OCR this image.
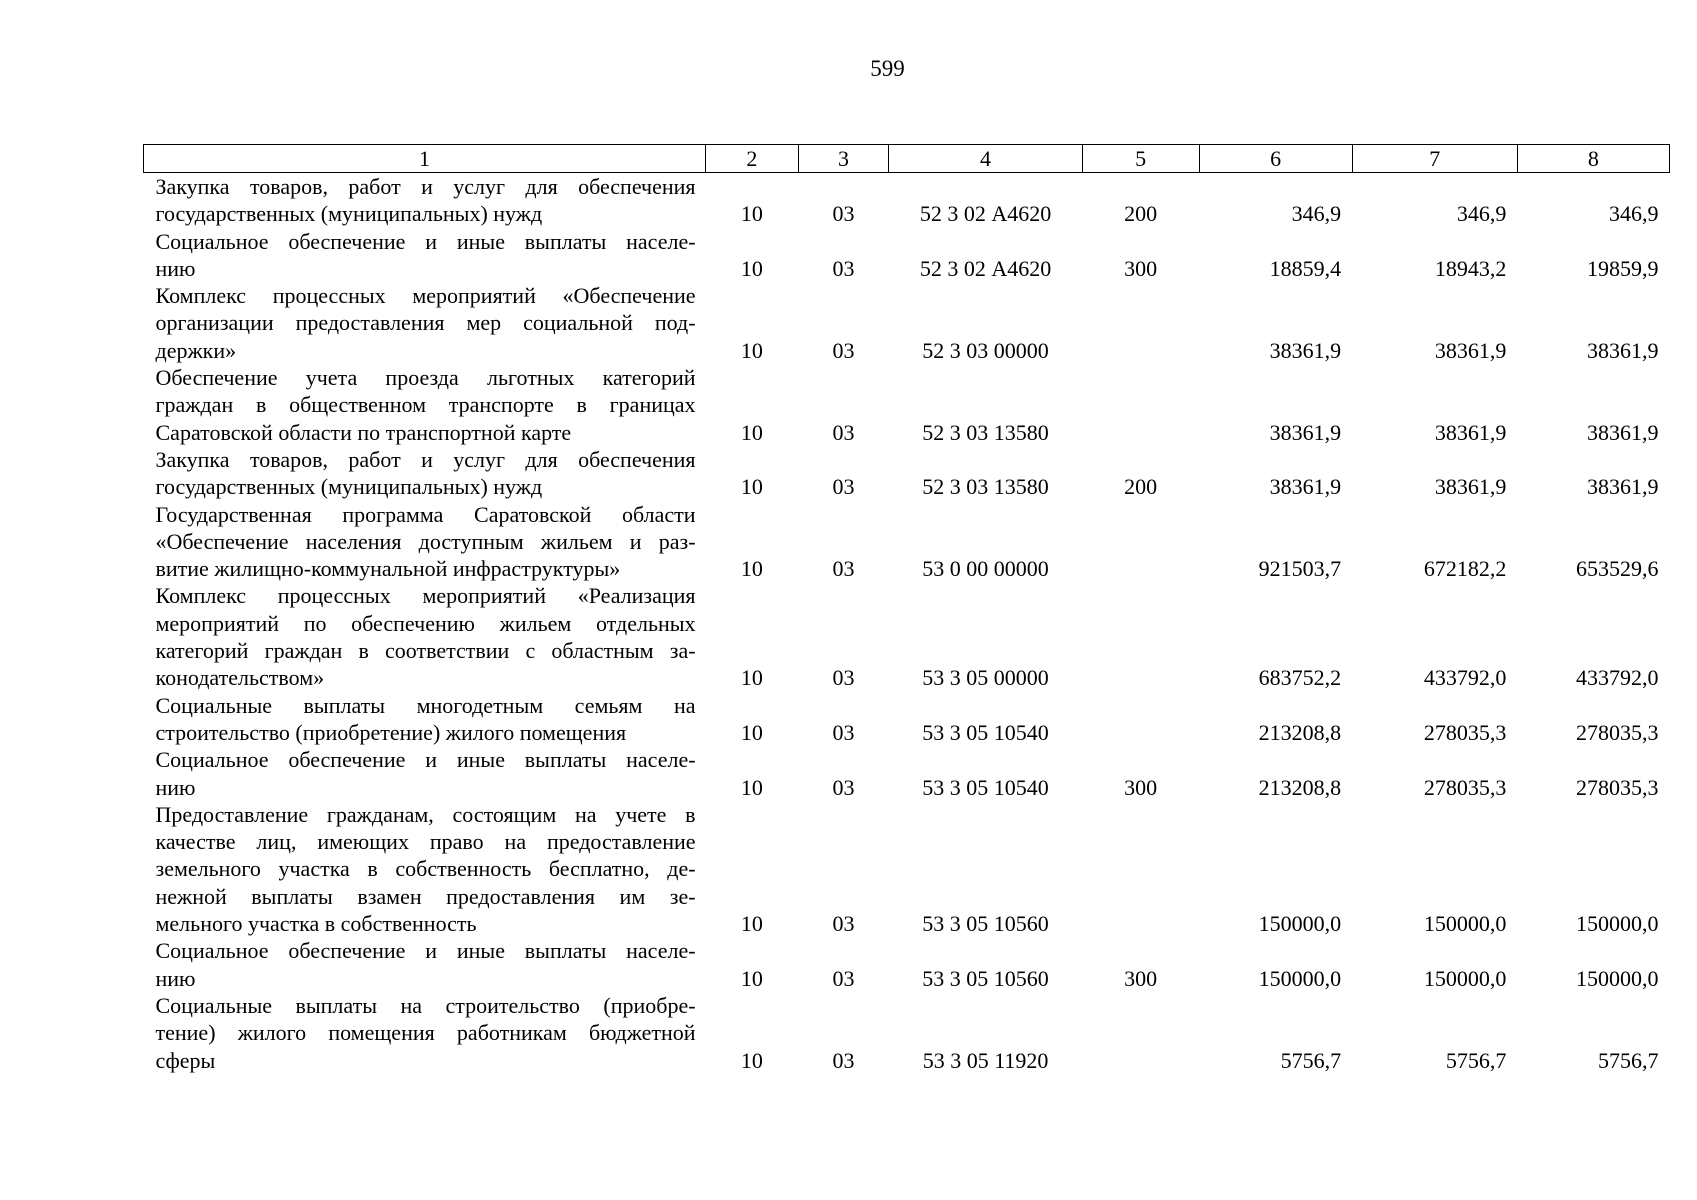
599
1	2	3	4	5	6	7	8

Закупка товаров, работ и услуг для обеспечения
государственных (муниципальных) нужд	10	03	52 3 02 А4620	200	346,9	346,9	346,9

Социальное обеспечение и иные выплаты населе-
нию	10	03	52 3 02 А4620	300	18859,4	18943,2	19859,9

Комплекс процессных мероприятий «Обеспечение
организации предоставления мер социальной под-
держки»	10	03	52 3 03 00000		38361,9	38361,9	38361,9

Обеспечение учета проезда льготных категорий
граждан в общественном транспорте в границах
Саратовской области по транспортной карте	10	03	52 3 03 13580		38361,9	38361,9	38361,9

Закупка товаров, работ и услуг для обеспечения
государственных (муниципальных) нужд	10	03	52 3 03 13580	200	38361,9	38361,9	38361,9

Государственная программа Саратовской области
«Обеспечение населения доступным жильем и раз-
витие жилищно-коммунальной инфраструктуры»	10	03	53 0 00 00000		921503,7	672182,2	653529,6

Комплекс процессных мероприятий «Реализация
мероприятий по обеспечению жильем отдельных
категорий граждан в соответствии с областным за-
конодательством»	10	03	53 3 05 00000		683752,2	433792,0	433792,0

Социальные выплаты многодетным семьям на
строительство (приобретение) жилого помещения	10	03	53 3 05 10540		213208,8	278035,3	278035,3

Социальное обеспечение и иные выплаты населе-
нию	10	03	53 3 05 10540	300	213208,8	278035,3	278035,3

Предоставление гражданам, состоящим на учете в
качестве лиц, имеющих право на предоставление
земельного участка в собственность бесплатно, де-
нежной выплаты взамен предоставления им зе-
мельного участка в собственность	10	03	53 3 05 10560		150000,0	150000,0	150000,0

Социальное обеспечение и иные выплаты населе-
нию	10	03	53 3 05 10560	300	150000,0	150000,0	150000,0

Социальные выплаты на строительство (приобре-
тение) жилого помещения работникам бюджетной
сферы	10	03	53 3 05 11920		5756,7	5756,7	5756,7
